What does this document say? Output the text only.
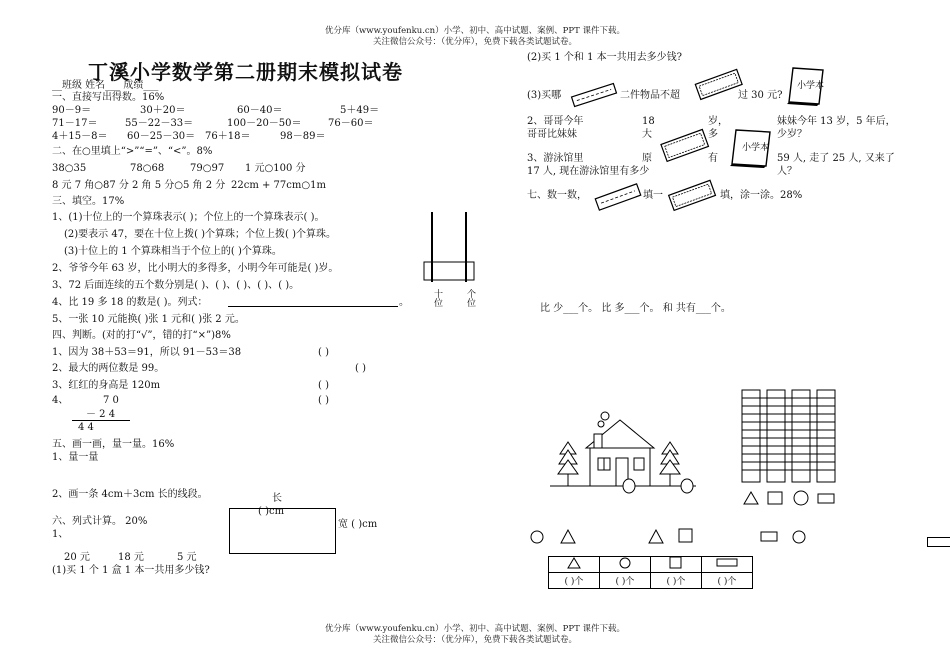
优分库（www.youfenku.cn）小学、初中、高中试题、案例、PPT 课件下载。
关注微信公众号：（优分库），免费下载各类试题试卷。
丁溪小学数学第二册期末模拟试卷
__班级 姓名___ 成绩___
一、直接写出得数。16%
90－9＝	30＋20＝	60－40＝	5＋49＝
71－17＝	55－22－33＝	100－20－50＝	76－60＝
4＋15－8＝ 60－25－30＝ 76＋18＝	98－89＝
二、在○里填上“>”“=”、“<”。8%
38○35	78○68	79○97 1 元○100 分
8 元 7 角○87 分 2 角 5 分○5 角 2 分 22cm + 77cm○1m
三、填空。17%
1、(1)十位上的一个算珠表示( )；个位上的一个算珠表示( )。
(2)要表示 47，要在十位上拨( )个算珠；个位上拨( )个算珠。
(3)十位上的 1 个算珠相当于个位上的( )个算珠。
2、爷爷今年 63 岁，比小明大的多得多，小明今年可能是( )岁。
3、72 后面连续的五个数分别是( )、( )、( )、( )、( )。
4、比 19 多 18 的数是( )。列式：	。
5、一张 10 元能换( )张 1 元和( )张 2 元。
十位	个位
四、判断。(对的打“√”，错的打“×”)8%
1、因为 38＋53＝91，所以 91－53＝38	( )
2、最大的两位数是 99。	( )
3、红红的身高是 120m	( )
4、	7 0	( )
－ 2 4
4 4
五、画一画，量一量。16%
1、量一量
2、画一条 4cm＋3cm 长的线段。	长
( )cm
宽 ( )cm
六、列式计算。 20%
1、
20 元	18 元	5 元
(1)买 1 个 1 盒 1 本一共用多少钱?
(2)买 1 个和 1 本一共用去多少钱?
小学本
(3)买哪	二件物品不超	过 30 元?
2、哥哥今年	18	岁，	妹妹今年 13 岁，5 年后，
哥哥比妹妹	大	多	少岁？
小学本
3、游泳馆里	原	有	59 人, 走了 25 人, 又来了
17 人, 现在游泳馆里有多少	人？
七、数一数，	填一	填，涂一涂。28%
比 少___个。 比 多___个。 和 共有___个。

( )个	( )个	( )个	( )个
优分库（www.youfenku.cn）小学、初中、高中试题、案例、PPT 课件下载。
关注微信公众号：（优分库），免费下载各类试题试卷。
